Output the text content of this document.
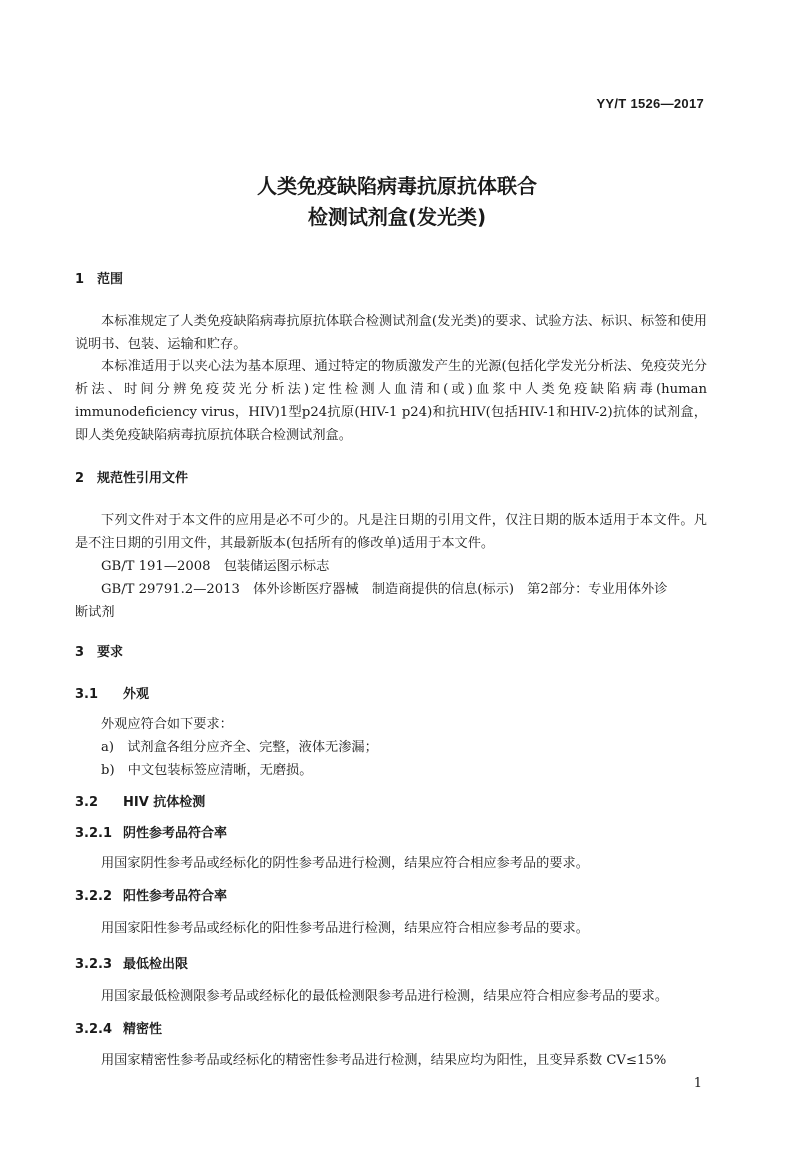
YY/T 1526—2017
人类免疫缺陷病毒抗原抗体联合
检测试剂盒(发光类)
1 范围
本标准规定了人类免疫缺陷病毒抗原抗体联合检测试剂盒(发光类)的要求、试验方法、标识、标签和使用说明书、包装、运输和贮存。
本标准适用于以夹心法为基本原理、通过特定的物质激发产生的光源(包括化学发光分析法、免疫荧光分析法、时间分辨免疫荧光分析法)定性检测人血清和(或)血浆中人类免疫缺陷病毒(human immunodeficiency virus，HIV)1型p24抗原(HIV-1 p24)和抗HIV(包括HIV-1和HIV-2)抗体的试剂盒，即人类免疫缺陷病毒抗原抗体联合检测试剂盒。
2 规范性引用文件
下列文件对于本文件的应用是必不可少的。凡是注日期的引用文件，仅注日期的版本适用于本文件。凡是不注日期的引用文件，其最新版本(包括所有的修改单)适用于本文件。
GB/T 191—2008　包装储运图示标志
GB/T 29791.2—2013　体外诊断医疗器械　制造商提供的信息(标示)　第2部分：专业用体外诊
断试剂
3 要求
3.1 外观
外观应符合如下要求：
a)　试剂盒各组分应齐全、完整，液体无渗漏；
b)　中文包装标签应清晰，无磨损。
3.2 HIV 抗体检测
3.2.1 阴性参考品符合率
用国家阴性参考品或经标化的阴性参考品进行检测，结果应符合相应参考品的要求。
3.2.2 阳性参考品符合率
用国家阳性参考品或经标化的阳性参考品进行检测，结果应符合相应参考品的要求。
3.2.3 最低检出限
用国家最低检测限参考品或经标化的最低检测限参考品进行检测，结果应符合相应参考品的要求。
3.2.4 精密性
用国家精密性参考品或经标化的精密性参考品进行检测，结果应均为阳性，且变异系数 CV≤15%
1
